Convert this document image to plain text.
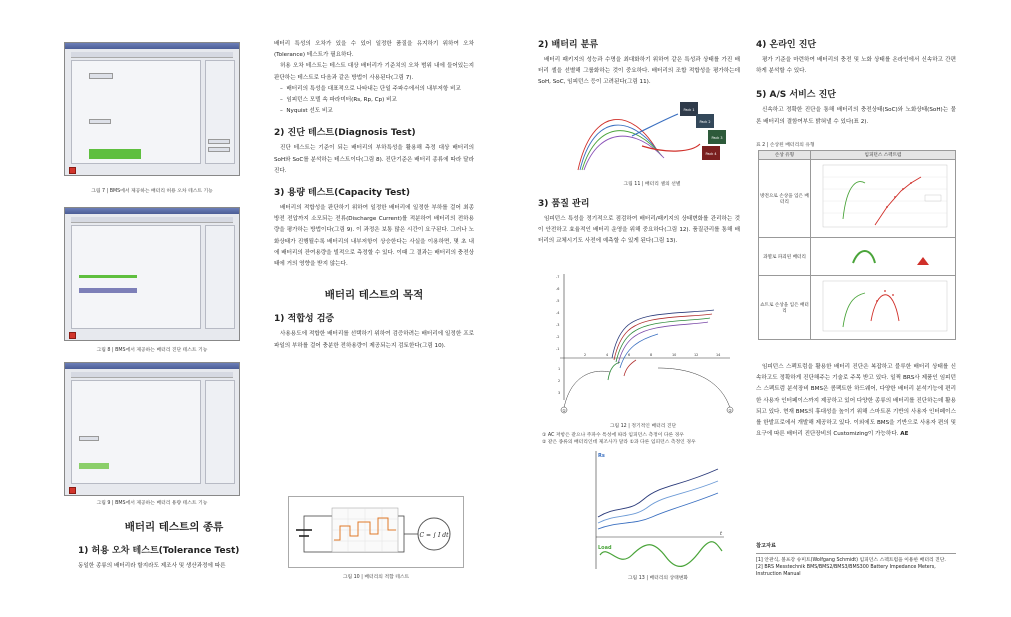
그림 7 | BMS에서 제공하는 배터리 허용 오차 테스트 기능
그림 8 | BMS에서 제공하는 배터리 진단 테스트 기능
그림 9 | BMS에서 제공하는 배터리 용량 테스트 기능
배터리 테스트의 종류
1) 허용 오차 테스트(Tolerance Test)
동일한 종류의 배터리라 할지라도 제조사 및 생산과정에 따른
배터리 특성의 오차가 있을 수 있어 일정한 품질을 유지하기 위하여 오차(Tolerance) 테스트가 필요하다.

허용 오차 테스트는 테스트 대상 배터리가 기준치의 오차 범위 내에 들어있는지 판단하는 테스트로 다음과 같은 방법이 사용된다(그림 7).

–  배터리의 특성을 대표적으로 나타내는 단일 주파수에서의 내부저항 비교
–  임피던스 모델 속 파라미터(Rs, Rp, Cp) 비교
–  Nyquist 선도 비교
2) 진단 테스트(Diagnosis Test)

진단 테스트는 기준이 되는 배터리의 부하특성을 활용해 측정 대상 배터리의 SoH와 SoC를 분석하는 테스트이다(그림 8). 진단기준은 배터리 종류에 따라 달라진다.

3) 용량 테스트(Capacity Test)

배터리의 적합성을 판단하기 위하여 일정한 배터리에 일정한 부하를 걸어 최종 방전 전압까지 소모되는 전류(Discharge Current)를 적분하여 배터리의 전하용량을 평가하는 방법이다(그림 9). 이 과정은 보통 많은 시간이 요구된다. 그러나 노화상태가 진행될수록 배터리의 내부저항이 상승한다는 사실을 이용하면, 몇 초 내에 배터리의 잔여용량을 빌적으로 측정할 수 있다. 이때 그 결과는 배터리의 충전상태에 거의 영향을 받지 않는다.

배터리 테스트의 목적
1) 적합성 검증

사용용도에 적합한 배터리를 선택하기 위하여 검증하려는 배터리에 일정한 프로파일의 부하를 걸어 충분한 전하용량이 제공되는지 검토한다(그림 10).

C = ∫ I dt
그림 10 | 배터리의 적합 테스트
2) 배터리 분류

배터리 패키지의 성능과 수명을 최대화하기 위하여 같은 특성과 상태를 가진 배터리 셀을 선별해 그룹화하는 것이 중요하다. 배터리의 조합 적합성을 평가하는데 SoH, SoC, 임피던스 등이 고려된다(그림 11).

Pack 1
Pack 2
Pack 3
Pack 4
그림 11 | 배터리 셀의 선별
3) 품질 관리

임피던스 특성을 정기적으로 점검하여 배터리/패키지의 상태변화를 관리하는 것이 안전하고 효율적인 배터리 운영을 위해 중요하다(그림 12). 품질관리를 통해 배터리의 교체시기도 사전에 예측할 수 있게 된다(그림 13).

-7
-6
-5
-4
-3
-2
-1
1
2
3
2	4	6	8	10	12	14
①	②
그림 12 | 정기적인 배터리 진단
① AC 저항은 같으나 주파수 특성에 따라 임피던스 측정이 다른 경우
② 같은 종류의 배터리인데 제조사가 달라 ①과 다른 임피던스 측정인 경우
Rs
t
Load
그림 13 | 배터리의 상태변화
4) 온라인 진단

평가 기준을 마련하여 배터리의 충전 및 노화 상태를 온라인에서 신속하고 간편하게 분석할 수 있다.

5) A/S 서비스 진단

신속하고 정확한 진단을 통해 배터리의 충전상태(SoC)와 노화상태(SoH)는 물론 배터리의 결함여부도 밝혀낼 수 있다(표 2).

표 2 | 손상된 배터리의 유형
손상 유형	임피던스 스펙트럼
방전으로 손상을 입은 배터리	
과열로 파괴된 배터리	
쇼트로 손상을 입은 배터리	

임피던스 스펙트럼을 활용한 배터리 진단은 복잡하고 블루한 배터리 상태를 신속하고도 정확하게 진단해주는 기술로 주목 받고 있다. 일찍 BRS사 제품인 임피던스 스펙트럼 분석장비 BMS은 콤팩트한 하드웨어, 다양한 배터리 분석기능에 편리한 사용자 인터페이스까지 제공하고 있어 다양한 종류의 배터리를 진단하는데 활용되고 있다. 현재 BMS의 휴대성을 높이기 위해 스마트폰 기반의 사용자 인터페이스를 한발프로에서 개발해 제공하고 있다. 이외에도 BMS을 기반으로 사용자 편의 및 요구에 따른 배터리 진단장비의 Customizing이 가능하다. AE

참고자료
[1] 안관식, 볼프강 슈미트(Wolfgang Schmidt) 임피던스 스펙트럼을 이용한 배터리 진단.
[2] BRS Messtechnik BMS/BMS2/BMS3/BMS300 Battery Impedance Meters, Instruction Manual
